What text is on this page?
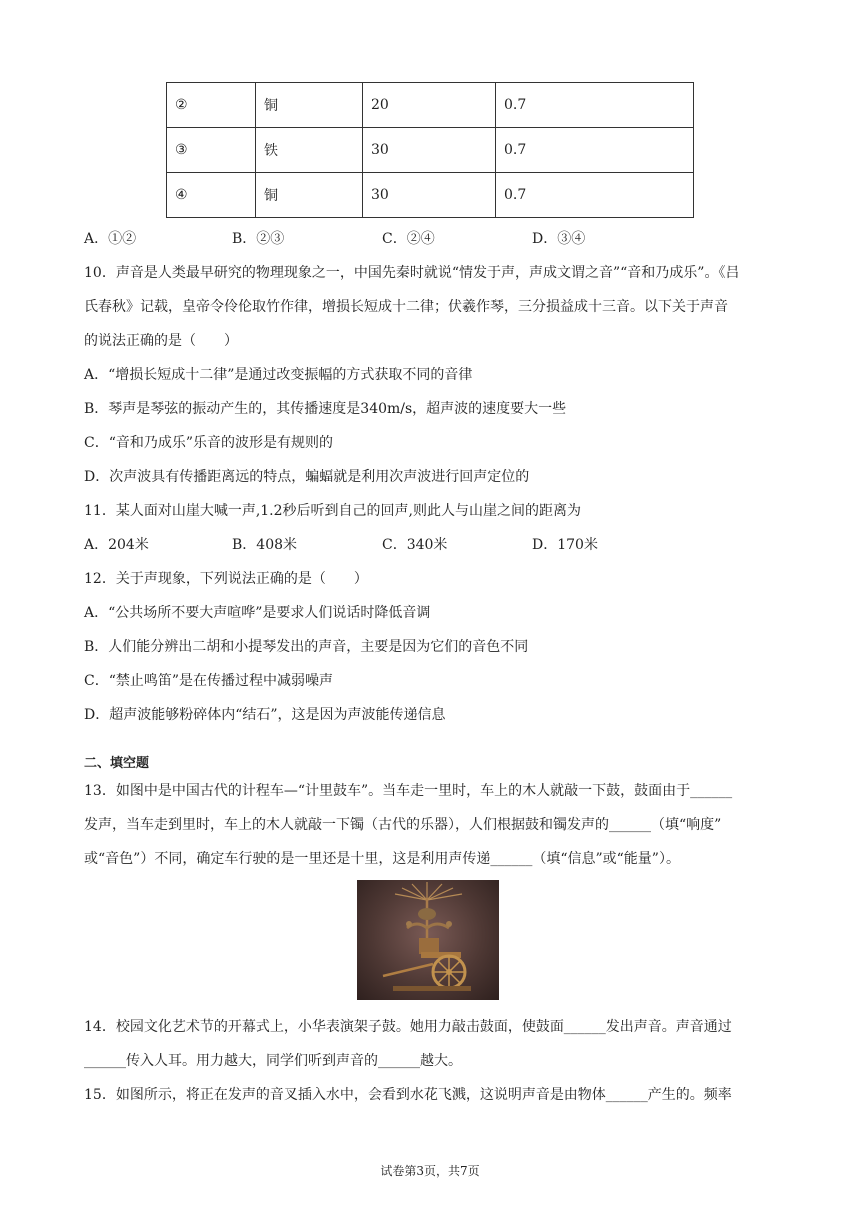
②	铜	20	0.7
③	铁	30	0.7
④	铜	30	0.7
A．①②	B．②③	C．②④	D．③④
10．声音是人类最早研究的物理现象之一，中国先秦时就说“情发于声，声成文谓之音”“音和乃成乐”。《吕
氏春秋》记载，皇帝令伶伦取竹作律，增损长短成十二律；伏羲作琴，三分损益成十三音。以下关于声音
的说法正确的是（　　）
A．“增损长短成十二律”是通过改变振幅的方式获取不同的音律
B．琴声是琴弦的振动产生的，其传播速度是340m/s，超声波的速度要大一些
C．“音和乃成乐”乐音的波形是有规则的
D．次声波具有传播距离远的特点，蝙蝠就是利用次声波进行回声定位的
11．某人面对山崖大喊一声,1.2秒后听到自己的回声,则此人与山崖之间的距离为
A．204米	B．408米	C．340米	D．170米
12．关于声现象，下列说法正确的是（　　）
A．“公共场所不要大声喧哗”是要求人们说话时降低音调
B．人们能分辨出二胡和小提琴发出的声音，主要是因为它们的音色不同
C．“禁止鸣笛”是在传播过程中减弱噪声
D．超声波能够粉碎体内“结石”，这是因为声波能传递信息
二、填空题
13．如图中是中国古代的计程车—“计里鼓车”。当车走一里时，车上的木人就敲一下鼓，鼓面由于______
发声，当车走到里时，车上的木人就敲一下镯（古代的乐器），人们根据鼓和镯发声的______（填“响度”
或“音色”）不同，确定车行驶的是一里还是十里，这是利用声传递______（填“信息”或“能量”）。
14．校园文化艺术节的开幕式上，小华表演架子鼓。她用力敲击鼓面，使鼓面______发出声音。声音通过
______传入人耳。用力越大，同学们听到声音的______越大。
15．如图所示，将正在发声的音叉插入水中，会看到水花飞溅，这说明声音是由物体______产生的。频率
试卷第3页，共7页
